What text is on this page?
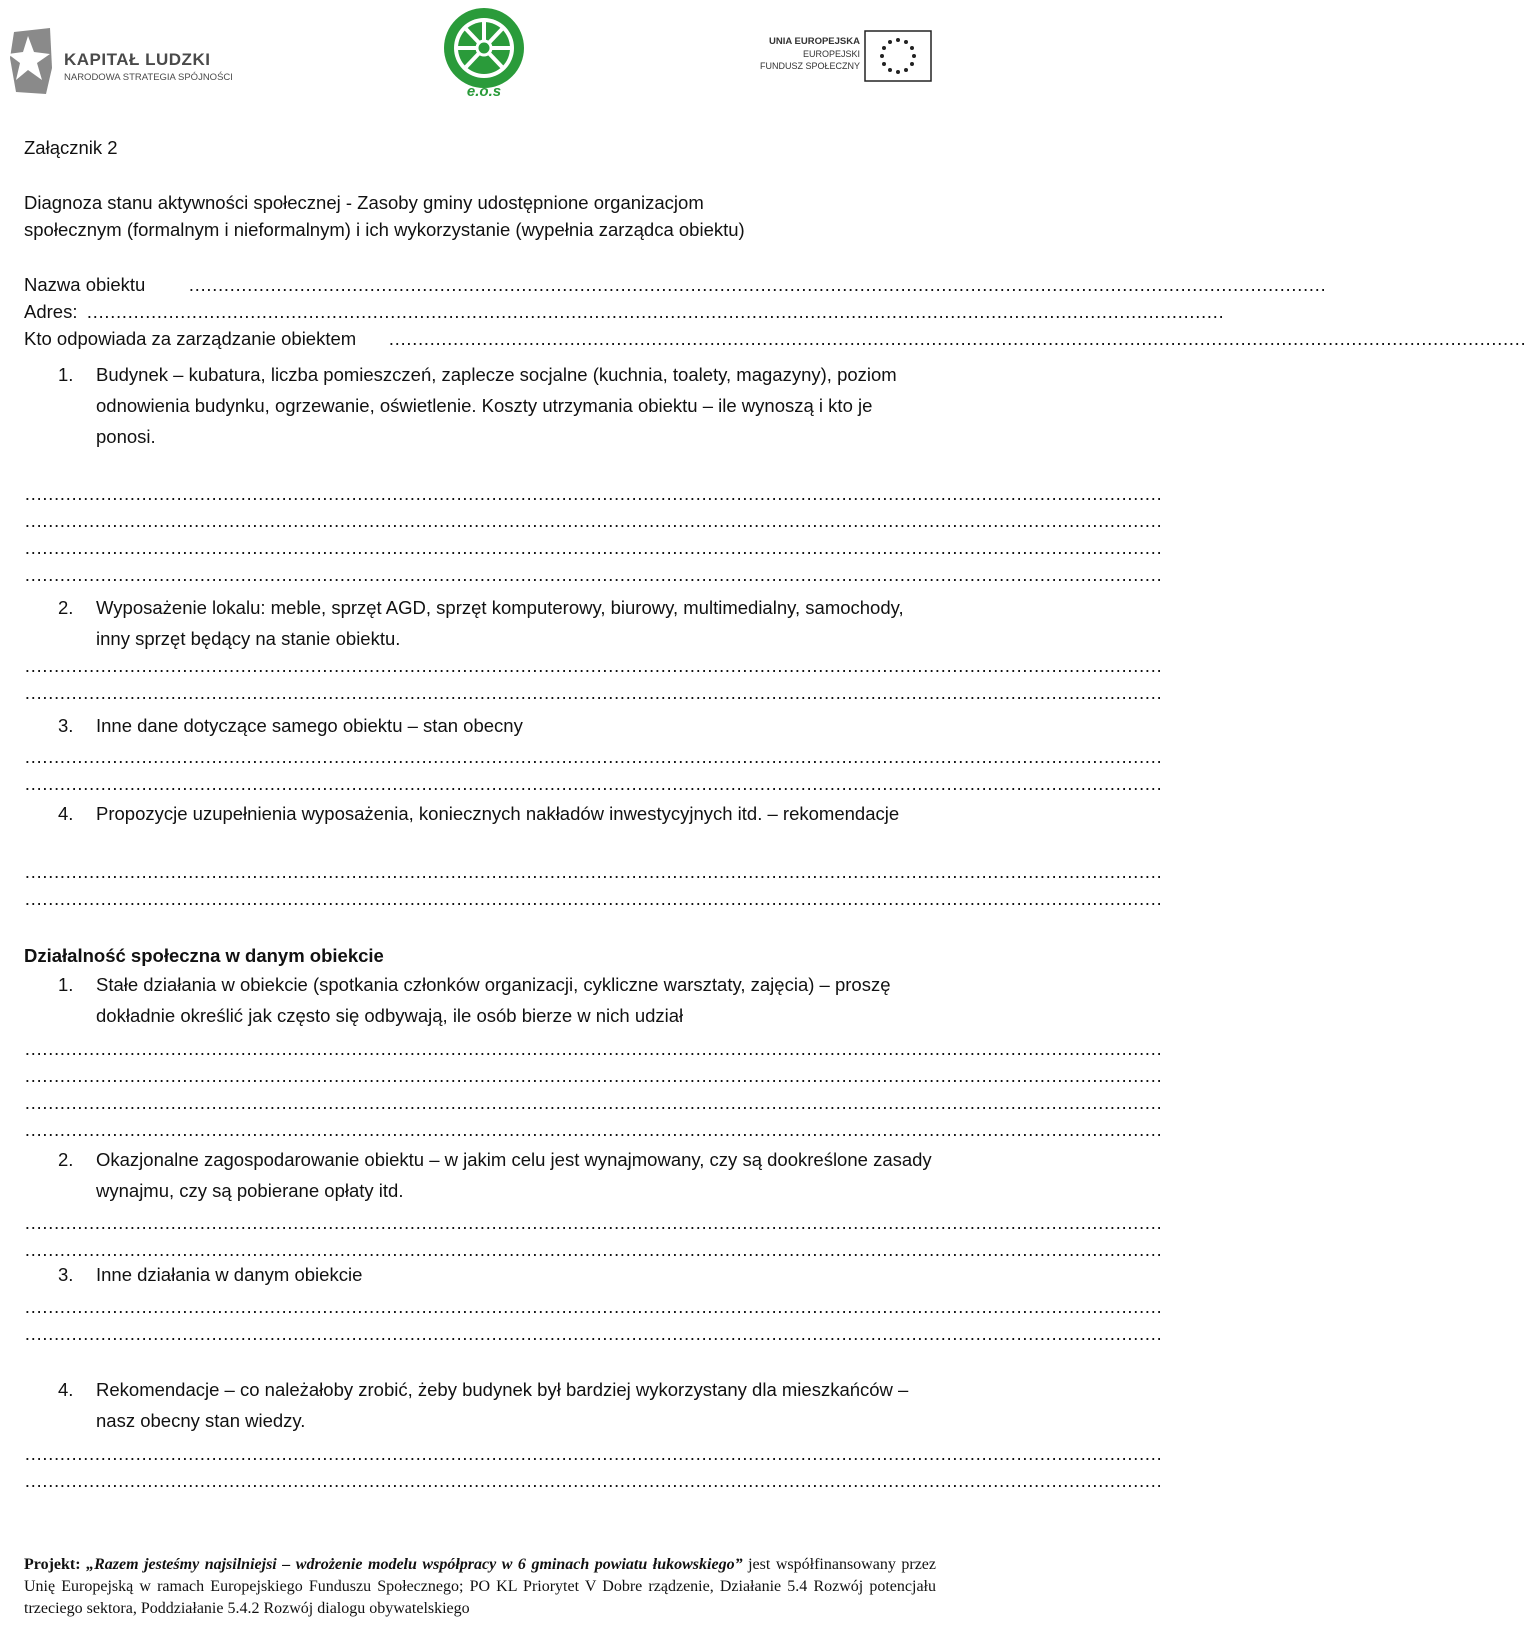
KAPITAŁ LUDZKI
NARODOWA STRATEGIA SPÓJNOŚCI
e.o.s
UNIA EUROPEJSKA
EUROPEJSKI
FUNDUSZ SPOŁECZNY
Załącznik 2
Diagnoza stanu aktywności społecznej - Zasoby gminy udostępnione organizacjom
społecznym (formalnym i nieformalnym) i ich wykorzystanie (wypełnia zarządca obiektu)
Nazwa obiektu ……………………………………………………………………………………………………………………………………………………………………………
Adres: ……………………………………………………………………………………………………………………………………………………………………………
Kto odpowiada za zarządzanie obiektem ……………………………………………………………………………………………………………………………………………………………………………
1. Budynek – kubatura, liczba pomieszczeń, zaplecze socjalne (kuchnia, toalety, magazyny), poziom odnowienia budynku, ogrzewanie, oświetlenie. Koszty utrzymania obiektu – ile wynoszą i kto je ponosi.
……………………………………………………………………………………………………………………………………………………………………………
……………………………………………………………………………………………………………………………………………………………………………
……………………………………………………………………………………………………………………………………………………………………………
……………………………………………………………………………………………………………………………………………………………………………
2. Wyposażenie lokalu: meble, sprzęt AGD, sprzęt komputerowy, biurowy, multimedialny, samochody, inny sprzęt będący na stanie obiektu.
……………………………………………………………………………………………………………………………………………………………………………
……………………………………………………………………………………………………………………………………………………………………………
3. Inne dane dotyczące samego obiektu – stan obecny
……………………………………………………………………………………………………………………………………………………………………………
……………………………………………………………………………………………………………………………………………………………………………
4. Propozycje uzupełnienia wyposażenia, koniecznych nakładów inwestycyjnych itd. – rekomendacje
……………………………………………………………………………………………………………………………………………………………………………
……………………………………………………………………………………………………………………………………………………………………………
Działalność społeczna w danym obiekcie
1. Stałe działania w obiekcie (spotkania członków organizacji, cykliczne warsztaty, zajęcia) – proszę dokładnie określić jak często się odbywają, ile osób bierze w nich udział
……………………………………………………………………………………………………………………………………………………………………………
……………………………………………………………………………………………………………………………………………………………………………
……………………………………………………………………………………………………………………………………………………………………………
……………………………………………………………………………………………………………………………………………………………………………
2. Okazjonalne zagospodarowanie obiektu – w jakim celu jest wynajmowany, czy są dookreślone zasady wynajmu, czy są pobierane opłaty itd.
……………………………………………………………………………………………………………………………………………………………………………
……………………………………………………………………………………………………………………………………………………………………………
3. Inne działania w danym obiekcie
……………………………………………………………………………………………………………………………………………………………………………
……………………………………………………………………………………………………………………………………………………………………………
4. Rekomendacje – co należałoby zrobić, żeby budynek był bardziej wykorzystany dla mieszkańców – nasz obecny stan wiedzy.
……………………………………………………………………………………………………………………………………………………………………………
……………………………………………………………………………………………………………………………………………………………………………
Projekt: „Razem jesteśmy najsilniejsi – wdrożenie modelu współpracy w 6 gminach powiatu łukowskiego” jest współfinansowany przez Unię Europejską w ramach Europejskiego Funduszu Społecznego; PO KL Priorytet V Dobre rządzenie, Działanie 5.4 Rozwój potencjału trzeciego sektora, Poddziałanie 5.4.2 Rozwój dialogu obywatelskiego
